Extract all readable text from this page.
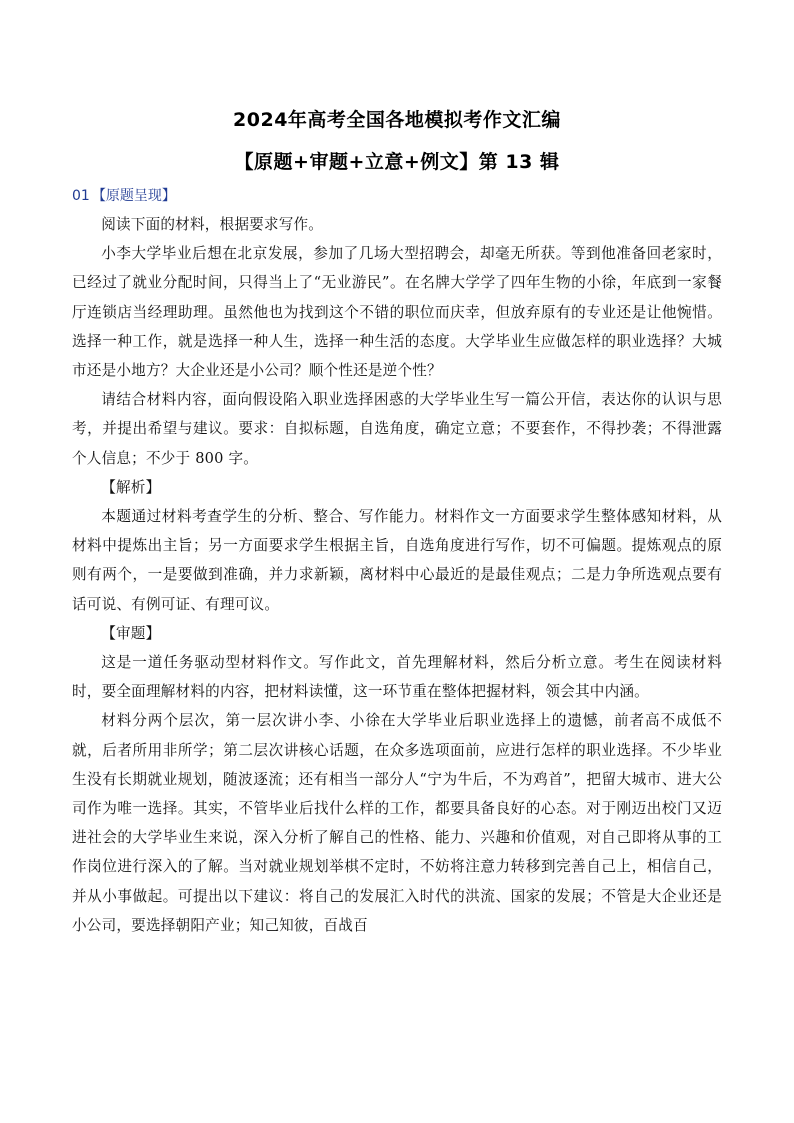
2024年高考全国各地模拟考作文汇编
【原题+审题+立意+例文】第 13 辑
01 【原题呈现】

阅读下面的材料，根据要求写作。

小李大学毕业后想在北京发展，参加了几场大型招聘会，却毫无所获。等到他准备回老家时，已经过了就业分配时间，只得当上了“无业游民”。在名牌大学学了四年生物的小徐，年底到一家餐厅连锁店当经理助理。虽然他也为找到这个不错的职位而庆幸，但放弃原有的专业还是让他惋惜。选择一种工作，就是选择一种人生，选择一种生活的态度。大学毕业生应做怎样的职业选择？大城市还是小地方？大企业还是小公司？顺个性还是逆个性？

请结合材料内容，面向假设陷入职业选择困惑的大学毕业生写一篇公开信，表达你的认识与思考，并提出希望与建议。要求：自拟标题，自选角度，确定立意；不要套作，不得抄袭；不得泄露个人信息；不少于 800 字。

【解析】

本题通过材料考查学生的分析、整合、写作能力。材料作文一方面要求学生整体感知材料，从材料中提炼出主旨；另一方面要求学生根据主旨，自选角度进行写作，切不可偏题。提炼观点的原则有两个，一是要做到准确，并力求新颖，离材料中心最近的是最佳观点；二是力争所选观点要有话可说、有例可证、有理可议。

【审题】

这是一道任务驱动型材料作文。写作此文，首先理解材料，然后分析立意。考生在阅读材料时，要全面理解材料的内容，把材料读懂，这一环节重在整体把握材料，领会其中内涵。

材料分两个层次，第一层次讲小李、小徐在大学毕业后职业选择上的遗憾，前者高不成低不就，后者所用非所学；第二层次讲核心话题，在众多选项面前，应进行怎样的职业选择。不少毕业生没有长期就业规划，随波逐流；还有相当一部分人“宁为牛后，不为鸡首”，把留大城市、进大公司作为唯一选择。其实，不管毕业后找什么样的工作，都要具备良好的心态。对于刚迈出校门又迈进社会的大学毕业生来说，深入分析了解自己的性格、能力、兴趣和价值观，对自己即将从事的工作岗位进行深入的了解。当对就业规划举棋不定时，不妨将注意力转移到完善自己上，相信自己，并从小事做起。可提出以下建议：将自己的发展汇入时代的洪流、国家的发展；不管是大企业还是小公司，要选择朝阳产业；知己知彼，百战百
